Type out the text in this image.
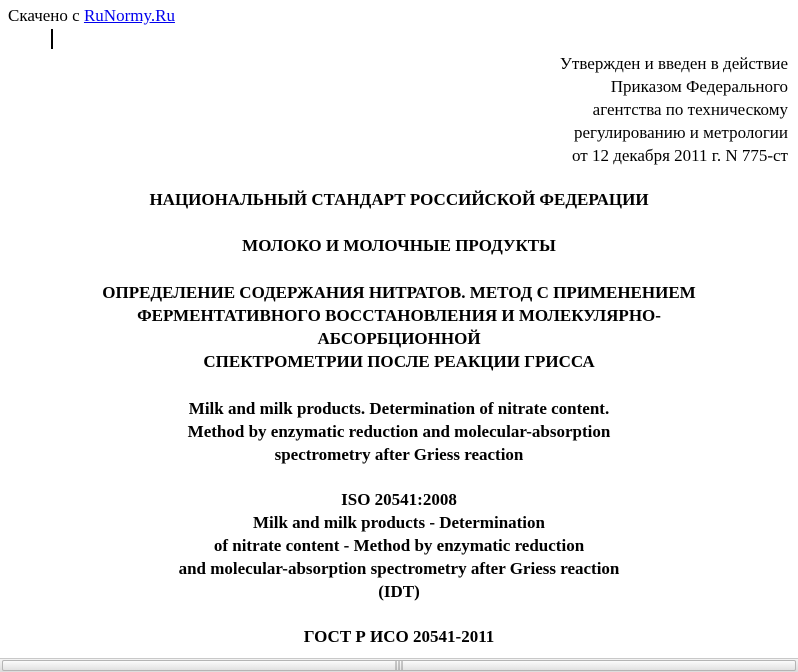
Скачено с RuNormy.Ru
Утвержден и введен в действие
Приказом Федерального
агентства по техническому
регулированию и метрологии
от 12 декабря 2011 г. N 775-ст
НАЦИОНАЛЬНЫЙ СТАНДАРТ РОССИЙСКОЙ ФЕДЕРАЦИИ
МОЛОКО И МОЛОЧНЫЕ ПРОДУКТЫ
ОПРЕДЕЛЕНИЕ СОДЕРЖАНИЯ НИТРАТОВ. МЕТОД С ПРИМЕНЕНИЕМ
ФЕРМЕНТАТИВНОГО ВОССТАНОВЛЕНИЯ И МОЛЕКУЛЯРНО-
АБСОРБЦИОННОЙ
СПЕКТРОМЕТРИИ ПОСЛЕ РЕАКЦИИ ГРИССА
Milk and milk products. Determination of nitrate content.
Method by enzymatic reduction and molecular-absorption
spectrometry after Griess reaction
ISO 20541:2008
Milk and milk products - Determination
of nitrate content - Method by enzymatic reduction
and molecular-absorption spectrometry after Griess reaction
(IDT)
ГОСТ Р ИСО 20541-2011
|||
